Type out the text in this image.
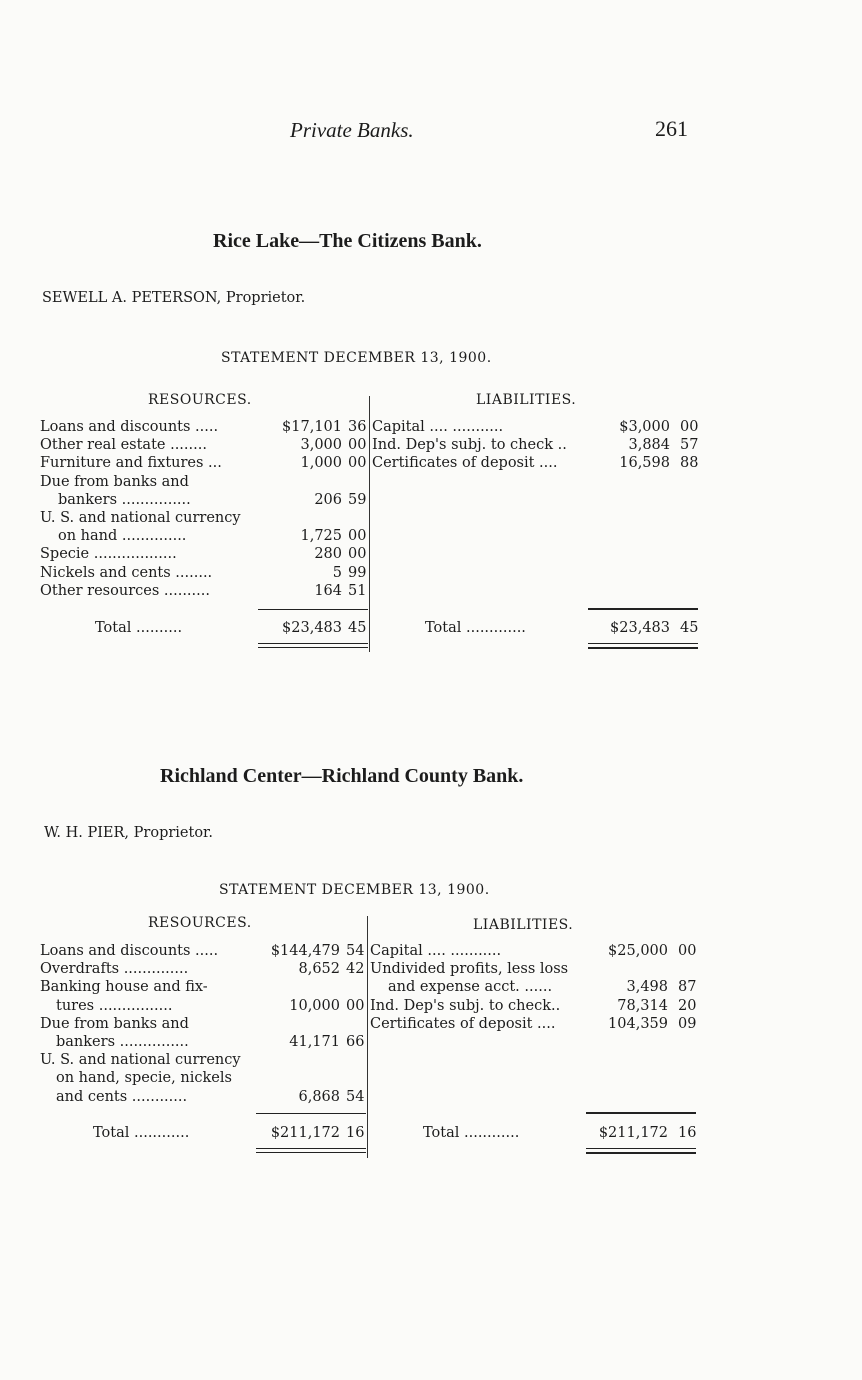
Private Banks.	261
Rice Lake—The Citizens Bank.
SEWELL A. PETERSON, Proprietor.
STATEMENT DECEMBER 13, 1900.
RESOURCES.	LIABILITIES.
Loans and discounts .....	$17,101 36
Other real estate ........	3,000 00
Furniture and fixtures ...	1,000 00
Due from banks and
bankers ...............	206 59
U. S. and national currency
on hand ..............	1,725 00
Specie ..................	280 00
Nickels and cents ........	5 99
Other resources ..........	164 51
Total ..........	$23,483 45
Capital .... ...........	$3,000 00
Ind. Dep's subj. to check ..	3,884 57
Certificates of deposit ....	16,598 88
Total .............	$23,483 45
Richland Center—Richland County Bank.
W. H. PIER, Proprietor.
STATEMENT DECEMBER 13, 1900.
RESOURCES.	LIABILITIES.
Loans and discounts .....	$144,479 54
Overdrafts ..............	8,652 42
Banking house and fix-
tures ................	10,000 00
Due from banks and
bankers ...............	41,171 66
U. S. and national currency
on hand, specie, nickels
and cents ............	6,868 54
Total ............	$211,172 16
Capital .... ...........	$25,000 00
Undivided profits, less loss
and expense acct. ......	3,498 87
Ind. Dep's subj. to check..	78,314 20
Certificates of deposit ....	104,359 09
Total ............	$211,172 16
